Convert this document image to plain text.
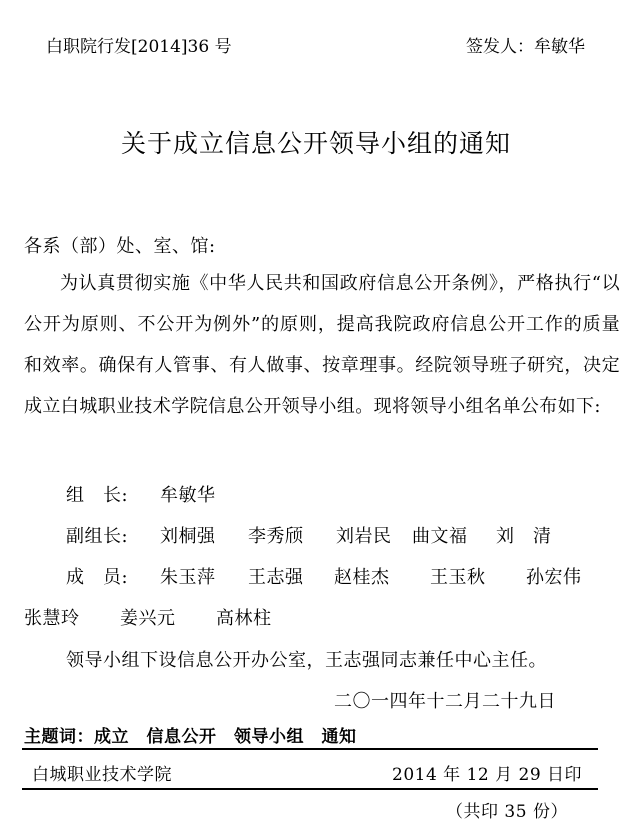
白职院行发[2014]36 号	签发人：牟敏华
关于成立信息公开领导小组的通知
各系（部）处、室、馆:
为认真贯彻实施《中华人民共和国政府信息公开条例》，严格执行“以公开为原则、不公开为例外”的原则，提高我院政府信息公开工作的质量和效率。确保有人管事、有人做事、按章理事。经院领导班子研究，决定成立白城职业技术学院信息公开领导小组。现将领导小组名单公布如下:
组　长: 牟敏华
副组长: 刘桐强 李秀颀 刘岩民 曲文福 刘　清
成　员: 朱玉萍 王志强 赵桂杰 王玉秋 孙宏伟
张慧玲 姜兴元 高林柱
领导小组下设信息公开办公室，王志强同志兼任中心主任。
二〇一四年十二月二十九日
主题词：成立　信息公开　领导小组　通知
白城职业技术学院	2014 年 12 月 29 日印
（共印 35 份）
